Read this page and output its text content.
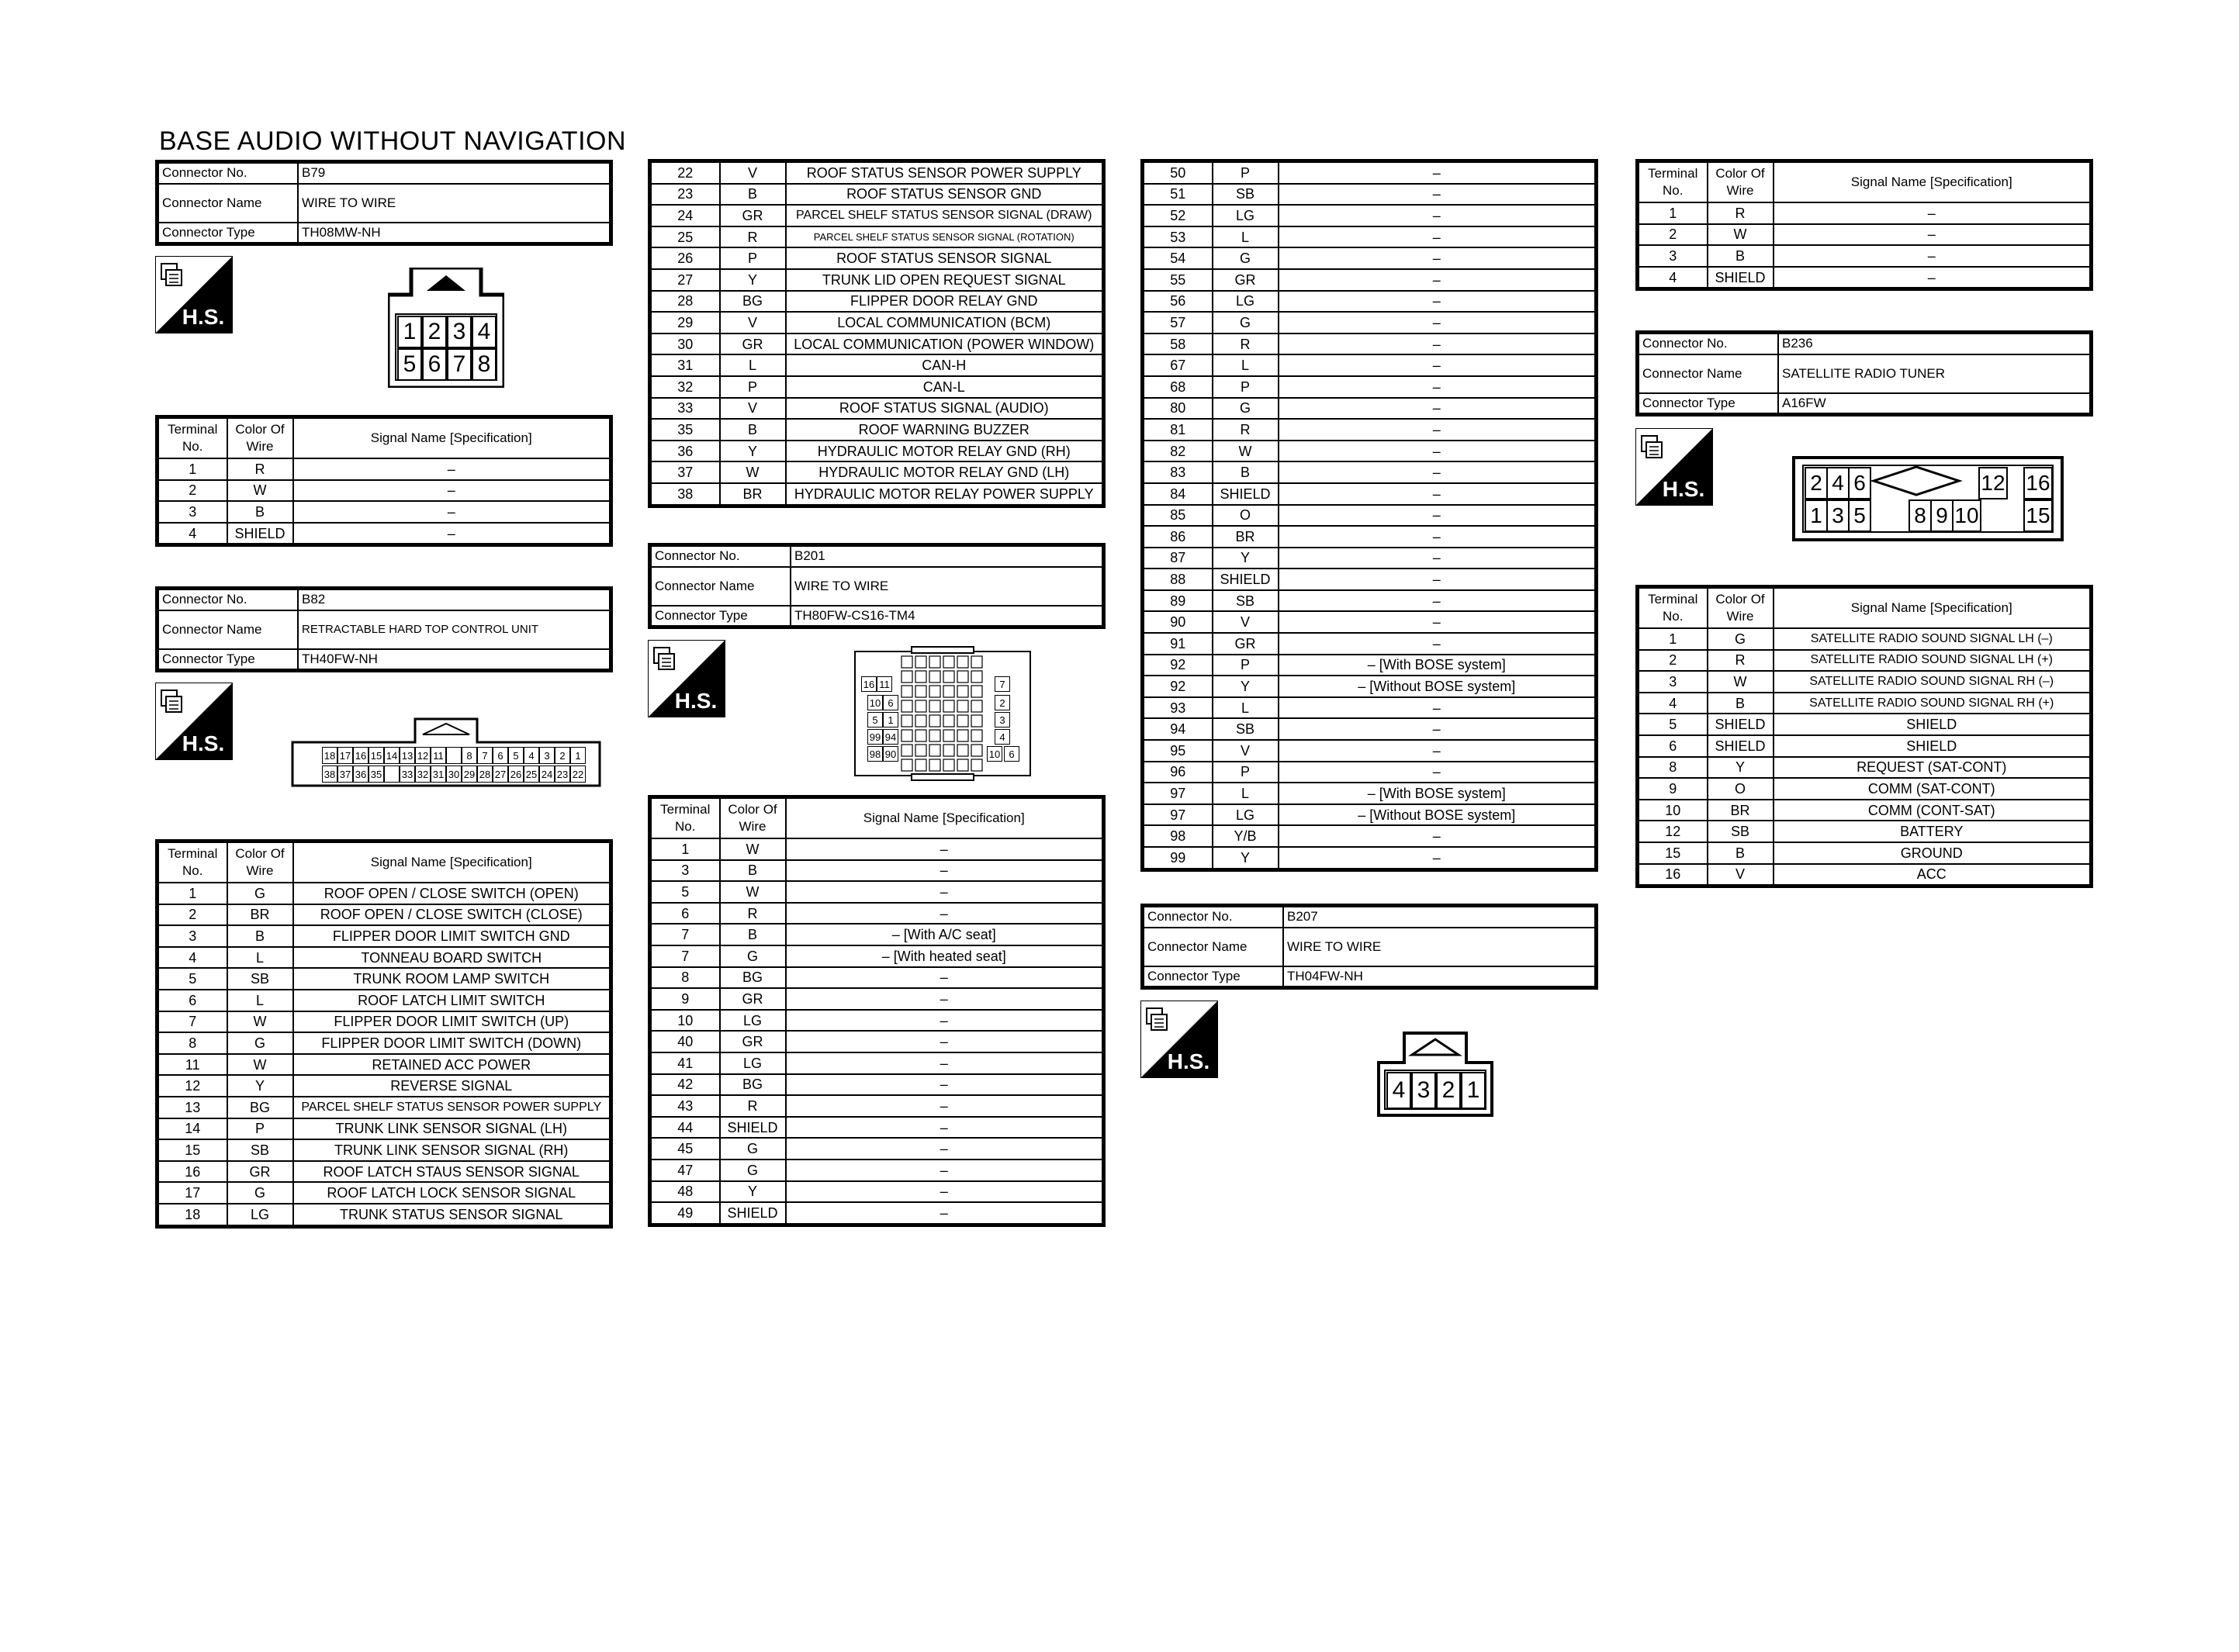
BASE AUDIO WITHOUT NAVIGATION
Connector No.	B79
Connector Name	WIRE TO WIRE
Connector Type	TH08MW-NH
H.S.
1 2 3 4
5 6 7 8
Terminal No.	Color Of Wire	Signal Name [Specification]
1	R	–
2	W	–
3	B	–
4	SHIELD	–
Connector No.	B82
Connector Name	RETRACTABLE HARD TOP CONTROL UNIT
Connector Type	TH40FW-NH
H.S.	18 17 16 15 14 13 12 11	8 7 6 5 4 3 2 1
38 37 36 35 33 32 31 30 29 28 27 26 25 24 23 22
Terminal No.	Color Of Wire	Signal Name [Specification]
1	G	ROOF OPEN / CLOSE SWITCH (OPEN)
2	BR	ROOF OPEN / CLOSE SWITCH (CLOSE)
3	B	FLIPPER DOOR LIMIT SWITCH GND
4	L	TONNEAU BOARD SWITCH
5	SB	TRUNK ROOM LAMP SWITCH
6	L	ROOF LATCH LIMIT SWITCH
7	W	FLIPPER DOOR LIMIT SWITCH (UP)
8	G	FLIPPER DOOR LIMIT SWITCH (DOWN)
11	W	RETAINED ACC POWER
12	Y	REVERSE SIGNAL
13	BG	PARCEL SHELF STATUS SENSOR POWER SUPPLY
14	P	TRUNK LINK SENSOR SIGNAL (LH)
15	SB	TRUNK LINK SENSOR SIGNAL (RH)
16	GR	ROOF LATCH STAUS SENSOR SIGNAL
17	G	ROOF LATCH LOCK SENSOR SIGNAL
18	LG	TRUNK STATUS SENSOR SIGNAL
22	V	ROOF STATUS SENSOR POWER SUPPLY
23	B	ROOF STATUS SENSOR GND
24	GR	PARCEL SHELF STATUS SENSOR SIGNAL (DRAW)
25	R	PARCEL SHELF STATUS SENSOR SIGNAL (ROTATION)
26	P	ROOF STATUS SENSOR SIGNAL
27	Y	TRUNK LID OPEN REQUEST SIGNAL
28	BG	FLIPPER DOOR RELAY GND
29	V	LOCAL COMMUNICATION (BCM)
30	GR	LOCAL COMMUNICATION (POWER WINDOW)
31	L	CAN-H
32	P	CAN-L
33	V	ROOF STATUS SIGNAL (AUDIO)
35	B	ROOF WARNING BUZZER
36	Y	HYDRAULIC MOTOR RELAY GND (RH)
37	W	HYDRAULIC MOTOR RELAY GND (LH)
38	BR	HYDRAULIC MOTOR RELAY POWER SUPPLY
Connector No.	B201
Connector Name	WIRE TO WIRE
Connector Type	TH80FW-CS16-TM4
H.S.
16 11
10 6
5 1
99 94
98 90
7
2
3
4
10 6
Terminal No.	Color Of Wire	Signal Name [Specification]
1	W	–
3	B	–
5	W	–
6	R	–
7	B	– [With A/C seat]
7	G	– [With heated seat]
8	BG	–
9	GR	–
10	LG	–
40	GR	–
41	LG	–
42	BG	–
43	R	–
44	SHIELD	–
45	G	–
47	G	–
48	Y	–
49	SHIELD	–
50	P	–
51	SB	–
52	LG	–
53	L	–
54	G	–
55	GR	–
56	LG	–
57	G	–
58	R	–
67	L	–
68	P	–
80	G	–
81	R	–
82	W	–
83	B	–
84	SHIELD	–
85	O	–
86	BR	–
87	Y	–
88	SHIELD	–
89	SB	–
90	V	–
91	GR	–
92	P	– [With BOSE system]
92	Y	– [Without BOSE system]
93	L	–
94	SB	–
95	V	–
96	P	–
97	L	– [With BOSE system]
97	LG	– [Without BOSE system]
98	Y/B	–
99	Y	–
Connector No.	B207
Connector Name	WIRE TO WIRE
Connector Type	TH04FW-NH
H.S.
4 3 2 1
Terminal No.	Color Of Wire	Signal Name [Specification]
1	R	–
2	W	–
3	B	–
4	SHIELD	–
Connector No.	B236
Connector Name	SATELLITE RADIO TUNER
Connector Type	A16FW
H.S.	2 4 6	12 16
1 3 5 8 9 10 15
Terminal No.	Color Of Wire	Signal Name [Specification]
1	G	SATELLITE RADIO SOUND SIGNAL LH (–)
2	R	SATELLITE RADIO SOUND SIGNAL LH (+)
3	W	SATELLITE RADIO SOUND SIGNAL RH (–)
4	B	SATELLITE RADIO SOUND SIGNAL RH (+)
5	SHIELD	SHIELD
6	SHIELD	SHIELD
8	Y	REQUEST (SAT-CONT)
9	O	COMM (SAT-CONT)
10	BR	COMM (CONT-SAT)
12	SB	BATTERY
15	B	GROUND
16	V	ACC
